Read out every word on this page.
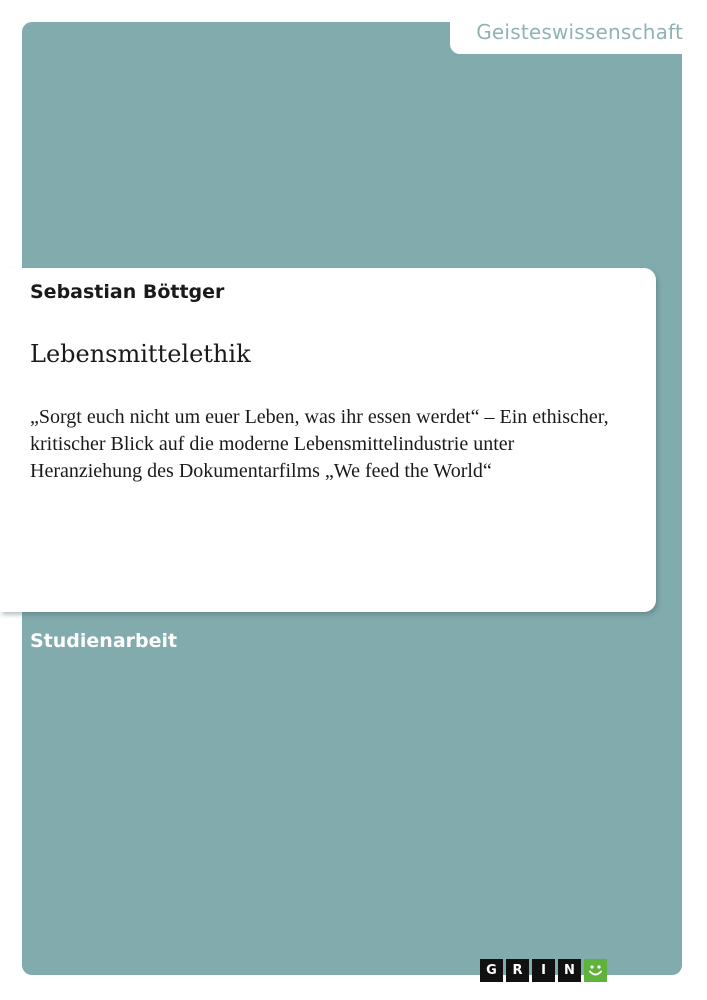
Geisteswissenschaft
Sebastian Böttger
Lebensmittelethik
„Sorgt euch nicht um euer Leben, was ihr essen werdet“ – Ein ethischer, kritischer Blick auf die moderne Lebensmittelindustrie unter Heranziehung des Dokumentarfilms „We feed the World“
Studienarbeit
G	R	I	N
